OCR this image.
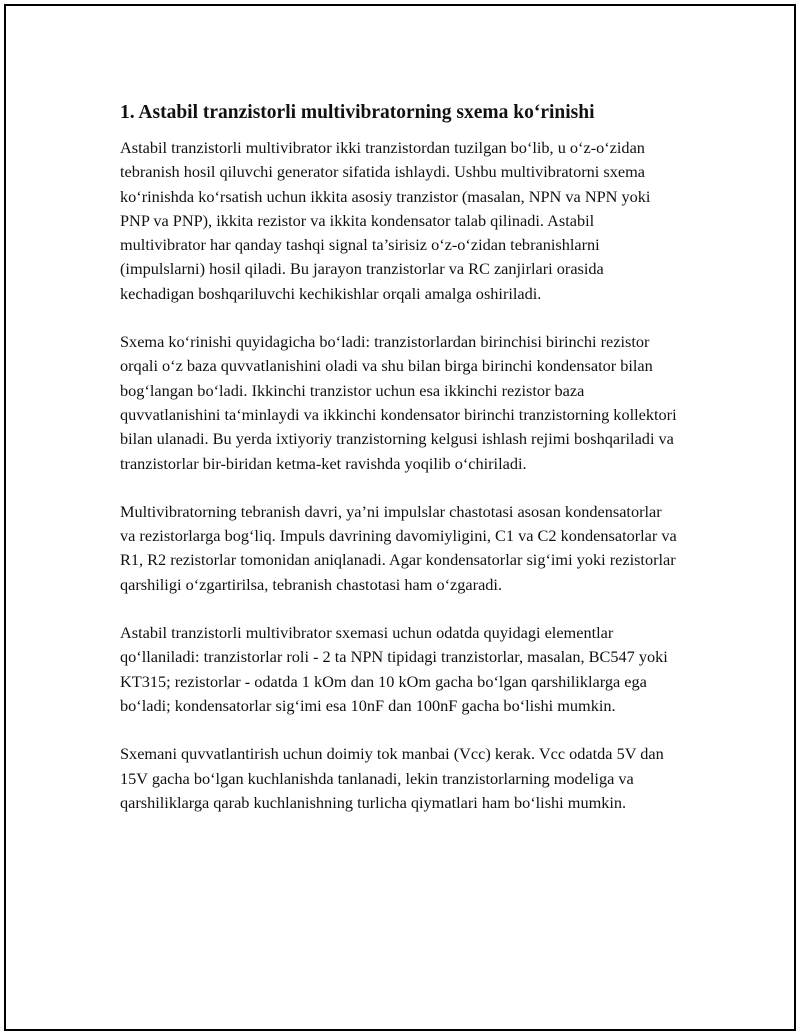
1. Astabil tranzistorli multivibratorning sxema ko‘rinishi

Astabil tranzistorli multivibrator ikki tranzistordan tuzilgan bo‘lib, u o‘z-o‘zidan tebranish hosil qiluvchi generator sifatida ishlaydi. Ushbu multivibratorni sxema ko‘rinishda ko‘rsatish uchun ikkita asosiy tranzistor (masalan, NPN va NPN yoki PNP va PNP), ikkita rezistor va ikkita kondensator talab qilinadi. Astabil multivibrator har qanday tashqi signal ta’sirisiz o‘z-o‘zidan tebranishlarni (impulslarni) hosil qiladi. Bu jarayon tranzistorlar va RC zanjirlari orasida kechadigan boshqariluvchi kechikishlar orqali amalga oshiriladi.

Sxema ko‘rinishi quyidagicha bo‘ladi: tranzistorlardan birinchisi birinchi rezistor orqali o‘z baza quvvatlanishini oladi va shu bilan birga birinchi kondensator bilan bog‘langan bo‘ladi. Ikkinchi tranzistor uchun esa ikkinchi rezistor baza quvvatlanishini ta‘minlaydi va ikkinchi kondensator birinchi tranzistorning kollektori bilan ulanadi. Bu yerda ixtiyoriy tranzistorning kelgusi ishlash rejimi boshqariladi va tranzistorlar bir-biridan ketma-ket ravishda yoqilib o‘chiriladi.

Multivibratorning tebranish davri, ya’ni impulslar chastotasi asosan kondensatorlar va rezistorlarga bog‘liq. Impuls davrining davomiyligini, C1 va C2 kondensatorlar va R1, R2 rezistorlar tomonidan aniqlanadi. Agar kondensatorlar sig‘imi yoki rezistorlar qarshiligi o‘zgartirilsa, tebranish chastotasi ham o‘zgaradi.

Astabil tranzistorli multivibrator sxemasi uchun odatda quyidagi elementlar qo‘llaniladi: tranzistorlar roli - 2 ta NPN tipidagi tranzistorlar, masalan, BC547 yoki KT315; rezistorlar - odatda 1 kOm dan 10 kOm gacha bo‘lgan qarshiliklarga ega bo‘ladi; kondensatorlar sig‘imi esa 10nF dan 100nF gacha bo‘lishi mumkin.

Sxemani quvvatlantirish uchun doimiy tok manbai (Vcc) kerak. Vcc odatda 5V dan 15V gacha bo‘lgan kuchlanishda tanlanadi, lekin tranzistorlarning modeliga va qarshiliklarga qarab kuchlanishning turlicha qiymatlari ham bo‘lishi mumkin.
